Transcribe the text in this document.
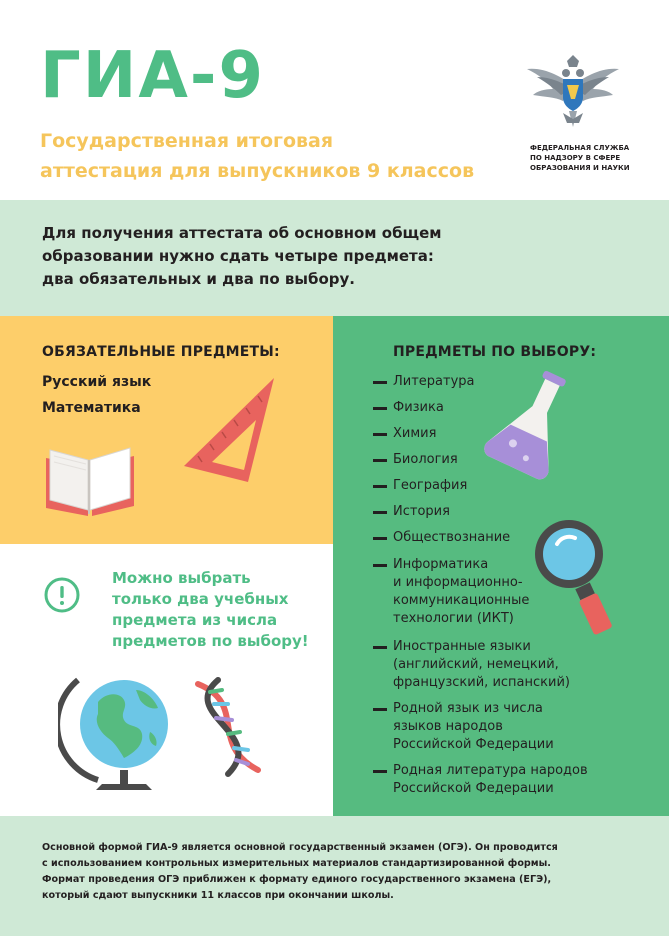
ГИА-9
Государственная итоговая
аттестация для выпускников 9 классов
ФЕДЕРАЛЬНАЯ СЛУЖБА
ПО НАДЗОРУ В СФЕРЕ
ОБРАЗОВАНИЯ И НАУКИ
Для получения аттестата об основном общем
образовании нужно сдать четыре предмета:
два обязательных и два по выбору.
ОБЯЗАТЕЛЬНЫЕ ПРЕДМЕТЫ:
Русский язык
Математика
Можно выбрать
только два учебных
предмета из числа
предметов по выбору!
ПРЕДМЕТЫ ПО ВЫБОРУ:
Литература
Физика
Химия
Биология
География
История
Обществознание
Информатика
и информационно-
коммуникационные
технологии (ИКТ)
Иностранные языки
(английский, немецкий,
французский, испанский)
Родной язык из числа
языков народов
Российской Федерации
Родная литература народов
Российской Федерации
Основной формой ГИА-9 является основной государственный экзамен (ОГЭ). Он проводится
с использованием контрольных измерительных материалов стандартизированной формы.
Формат проведения ОГЭ приближен к формату единого государственного экзамена (ЕГЭ),
который сдают выпускники 11 классов при окончании школы.
